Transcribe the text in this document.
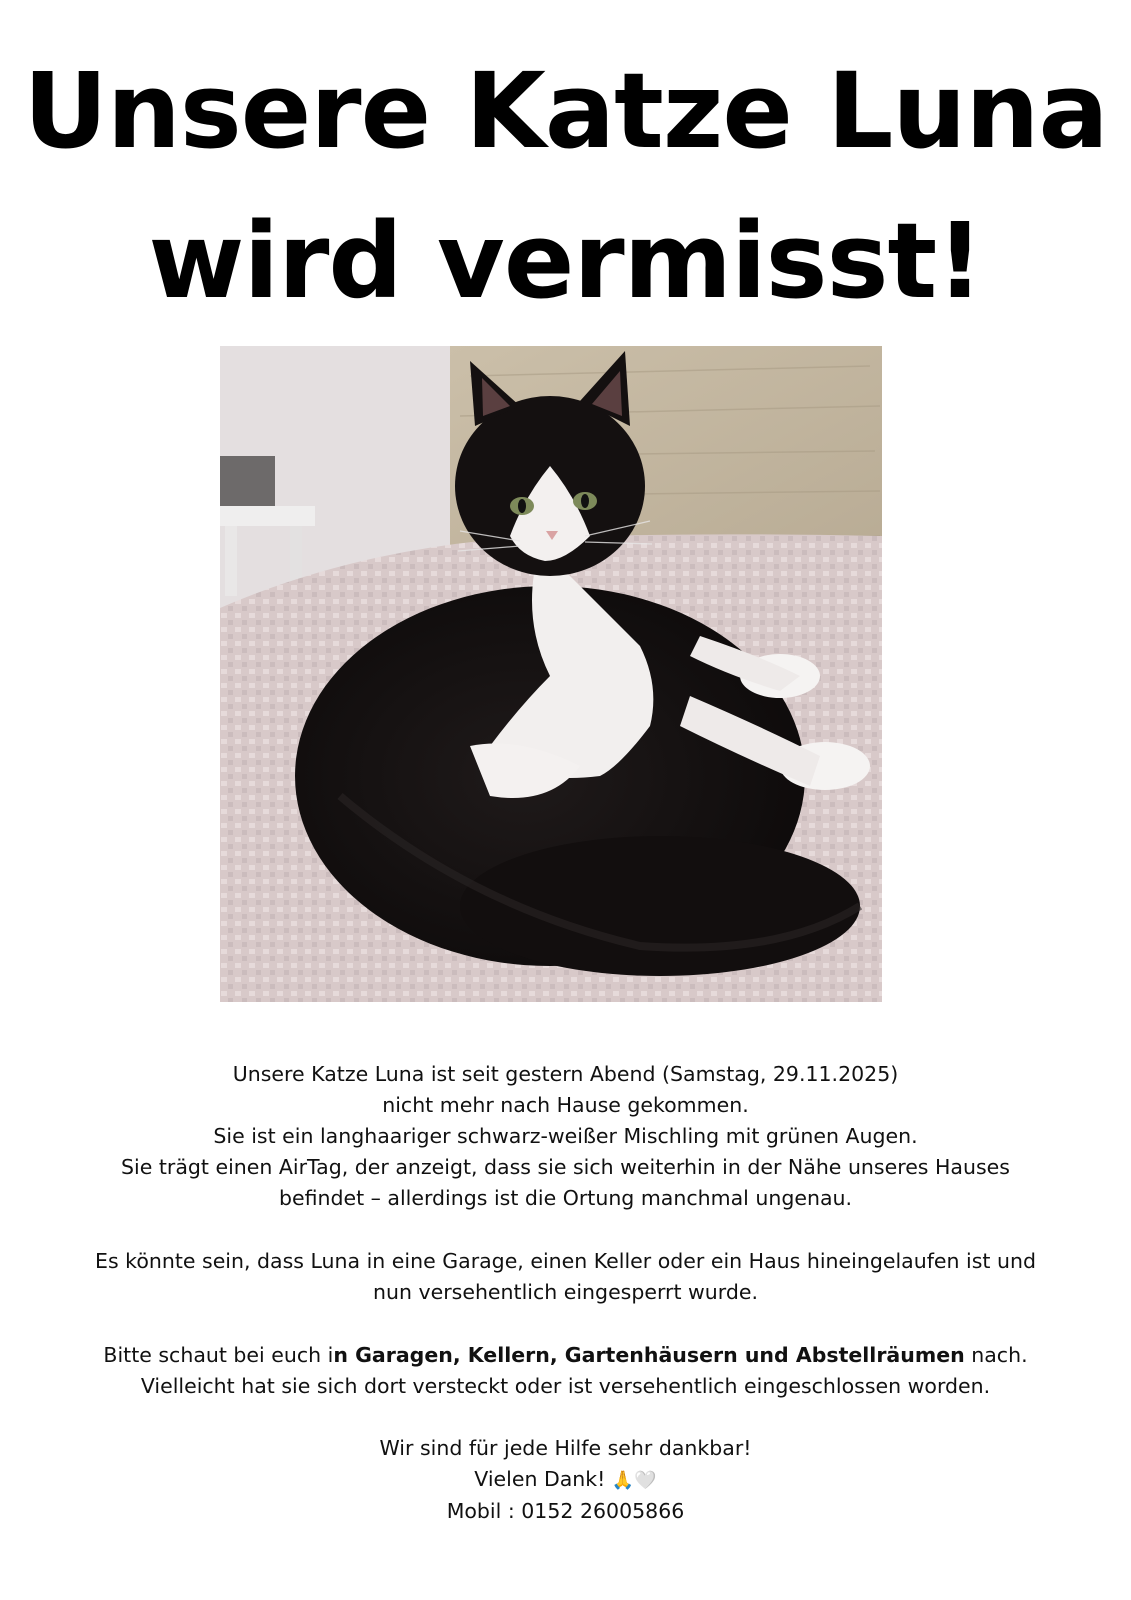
Unsere Katze Luna
wird vermisst!
Unsere Katze Luna ist seit gestern Abend (Samstag, 29.11.2025)
nicht mehr nach Hause gekommen.
Sie ist ein langhaariger schwarz-weißer Mischling mit grünen Augen.
Sie trägt einen AirTag, der anzeigt, dass sie sich weiterhin in der Nähe unseres Hauses
befindet – allerdings ist die Ortung manchmal ungenau.
Es könnte sein, dass Luna in eine Garage, einen Keller oder ein Haus hineingelaufen ist und
nun versehentlich eingesperrt wurde.
Bitte schaut bei euch in Garagen, Kellern, Gartenhäusern und Abstellräumen nach.
Vielleicht hat sie sich dort versteckt oder ist versehentlich eingeschlossen worden.
Wir sind für jede Hilfe sehr dankbar!
Vielen Dank! 🙏🤍
Mobil : 0152 26005866
